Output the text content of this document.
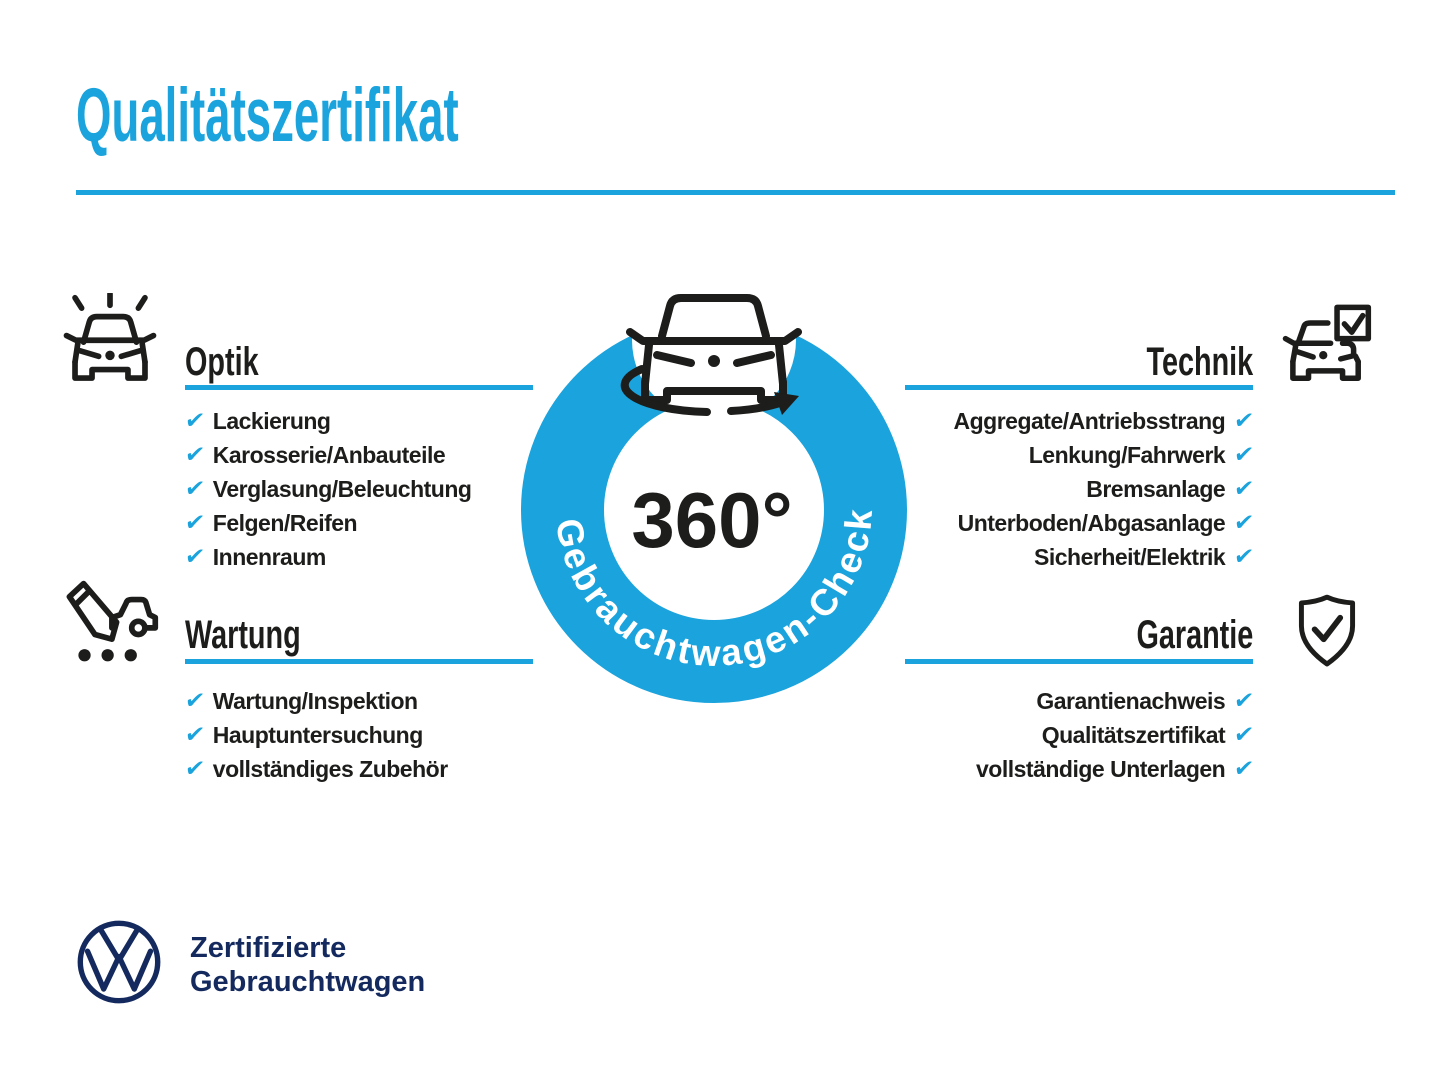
Qualitätszertifikat
Optik
Wartung
Technik
Garantie
✔ Lackierung
✔ Karosserie/Anbauteile
✔ Verglasung/Beleuchtung
✔ Felgen/Reifen
✔ Innenraum
✔ Wartung/Inspektion
✔ Hauptuntersuchung
✔ vollständiges Zubehör
Aggregate/Antriebsstrang ✔
Lenkung/Fahrwerk ✔
Bremsanlage ✔
Unterboden/Abgasanlage ✔
Sicherheit/Elektrik ✔
Garantienachweis ✔
Qualitätszertifikat ✔
vollständige Unterlagen ✔
Gebrauchtwagen-Check
360°
Zertifizierte
Gebrauchtwagen
